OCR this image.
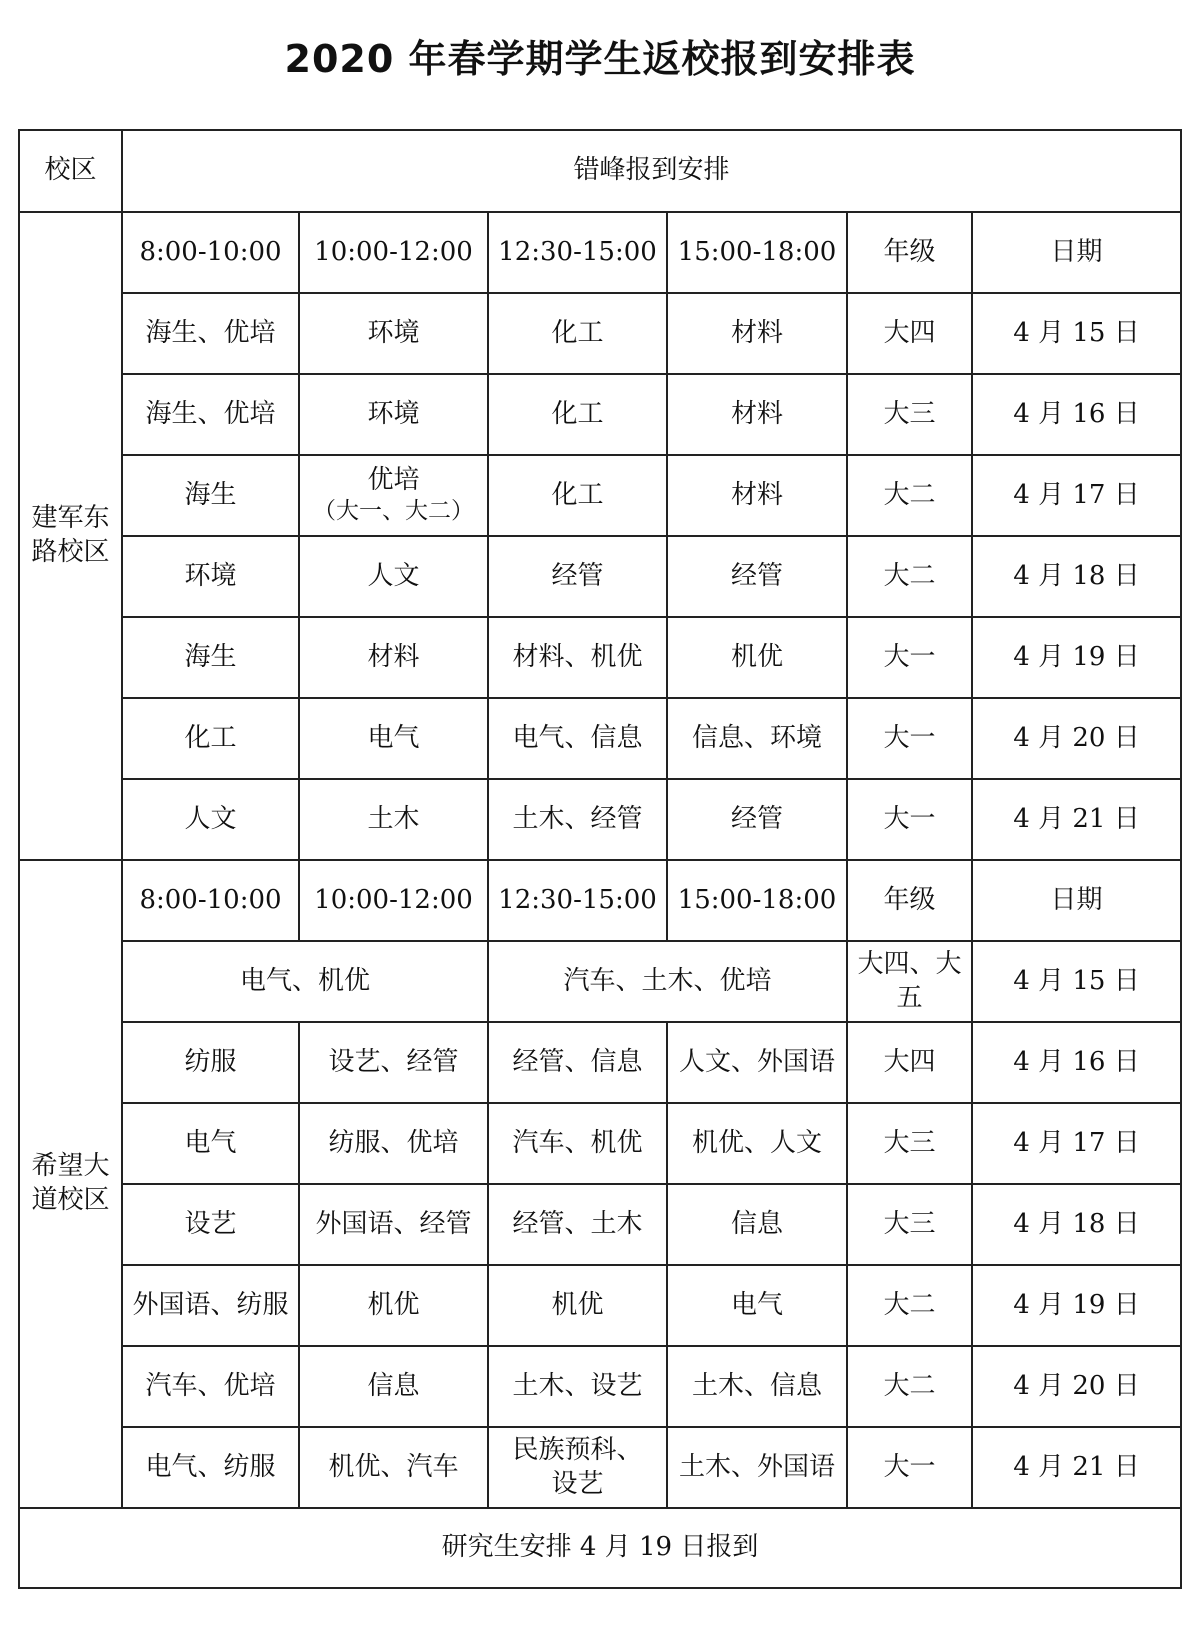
2020 年春学期学生返校报到安排表
校区	错峰报到安排					

建军东
路校区	8:00-10:00	10:00-12:00	12:30-15:00	15:00-18:00	年级	日期
	海生、优培	环境	化工	材料	大四	4 月 15 日
	海生、优培	环境	化工	材料	大三	4 月 16 日
	海生	优培
（大一、大二）	化工	材料	大二	4 月 17 日
	环境	人文	经管	经管	大二	4 月 18 日
	海生	材料	材料、机优	机优	大一	4 月 19 日
	化工	电气	电气、信息	信息、环境	大一	4 月 20 日
	人文	土木	土木、经管	经管	大一	4 月 21 日

希望大
道校区	8:00-10:00	10:00-12:00	12:30-15:00	15:00-18:00	年级	日期
	电气、机优		汽车、土木、优培		大四、大
五	4 月 15 日
	纺服	设艺、经管	经管、信息	人文、外国语	大四	4 月 16 日
	电气	纺服、优培	汽车、机优	机优、人文	大三	4 月 17 日
	设艺	外国语、经管	经管、土木	信息	大三	4 月 18 日
	外国语、纺服	机优	机优	电气	大二	4 月 19 日
	汽车、优培	信息	土木、设艺	土木、信息	大二	4 月 20 日
	电气、纺服	机优、汽车	民族预科、
设艺	土木、外国语	大一	4 月 21 日
研究生安排 4 月 19 日报到						
